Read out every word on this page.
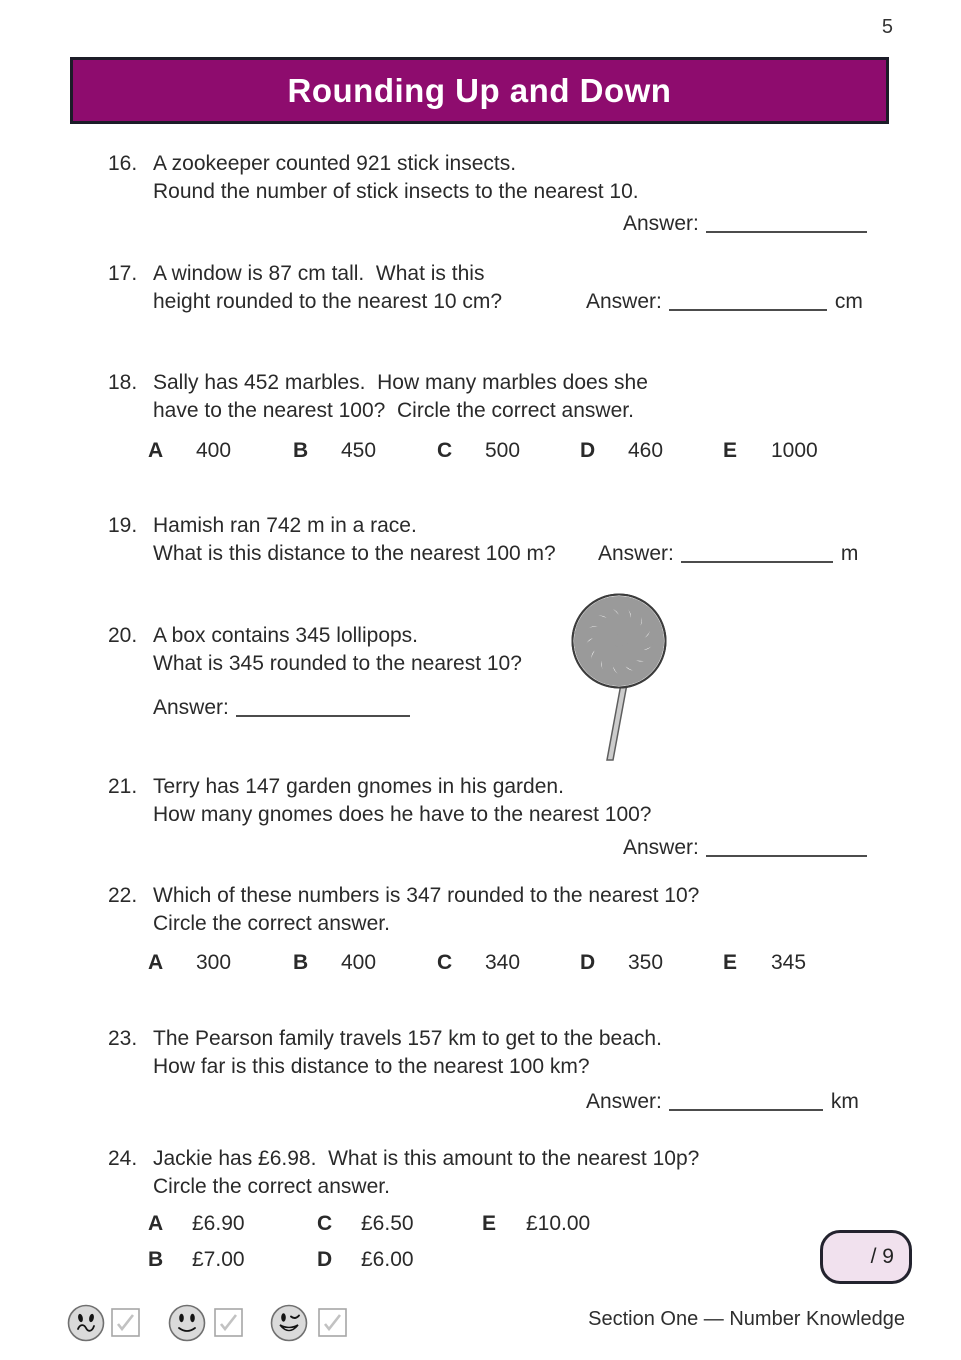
5
Rounding Up and Down
16. A zookeeper counted 921 stick insects.
Round the number of stick insects to the nearest 10.
Answer:
17. A window is 87 cm tall.  What is this
height rounded to the nearest 10 cm?	Answer:	cm
18. Sally has 452 marbles.  How many marbles does she
have to the nearest 100?  Circle the correct answer.
A 400	B 450	C 500	D 460	E 1000
19. Hamish ran 742 m in a race.
What is this distance to the nearest 100 m? Answer:	m
20. A box contains 345 lollipops.
What is 345 rounded to the nearest 10?
Answer:
21. Terry has 147 garden gnomes in his garden.
How many gnomes does he have to the nearest 100?
Answer:
22. Which of these numbers is 347 rounded to the nearest 10?
Circle the correct answer.
A 300	B 400	C 340	D 350	E 345
23. The Pearson family travels 157 km to get to the beach.
How far is this distance to the nearest 100 km?
Answer:	km
24. Jackie has £6.98.  What is this amount to the nearest 10p?
Circle the correct answer.
A £6.90	C £6.50	E £10.00
B £7.00	D £6.00	/ 9
Section One — Number Knowledge
